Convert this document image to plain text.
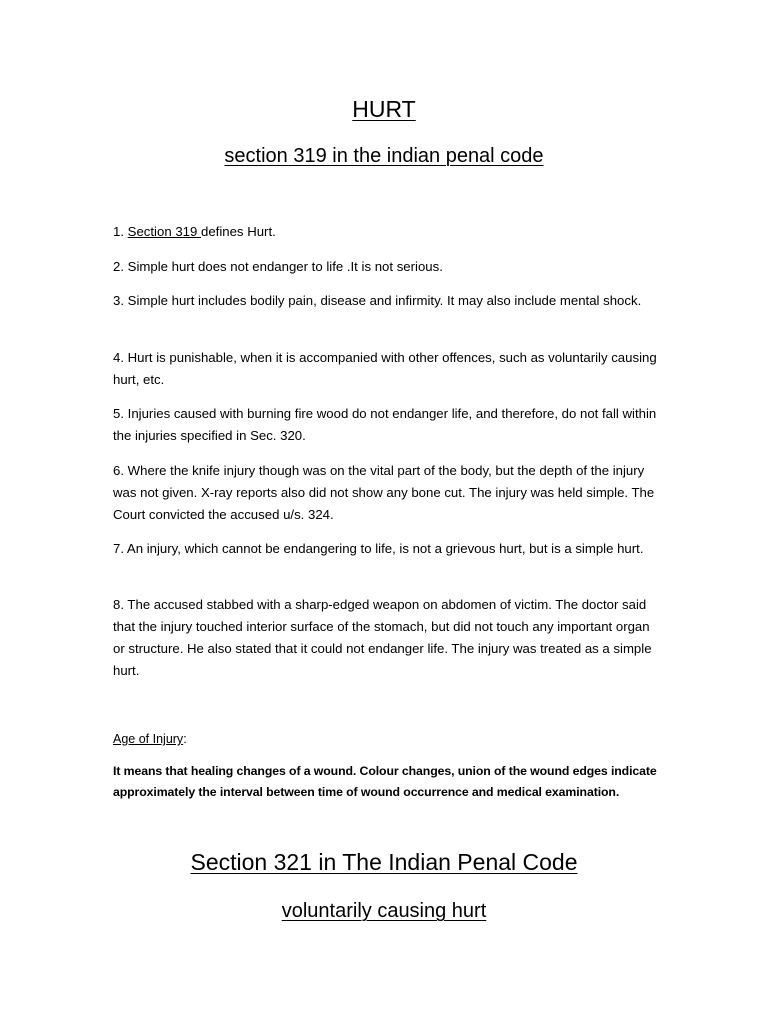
HURT
section 319 in the indian penal code

1. Section 319 defines Hurt.

2. Simple hurt does not endanger to life .It is not serious.

3. Simple hurt includes bodily pain, disease and infirmity. It may also include mental shock.

4. Hurt is punishable, when it is accompanied with other offences, such as voluntarily causing hurt, etc.

5. Injuries caused with burning fire wood do not endanger life, and therefore, do not fall within the injuries specified in Sec. 320.

6. Where the knife injury though was on the vital part of the body, but the depth of the injury was not given. X-ray reports also did not show any bone cut. The injury was held simple. The Court convicted the accused u/s. 324.

7. An injury, which cannot be endangering to life, is not a grievous hurt, but is a simple hurt.

8. The accused stabbed with a sharp-edged weapon on abdomen of victim. The doctor said that the injury touched interior surface of the stomach, but did not touch any important organ or structure. He also stated that it could not endanger life. The injury was treated as a simple hurt.

Age of Injury:

It means that healing changes of a wound. Colour changes, union of the wound edges indicate approximately the interval between time of wound occurrence and medical examination.

Section 321 in The Indian Penal Code
voluntarily causing hurt
